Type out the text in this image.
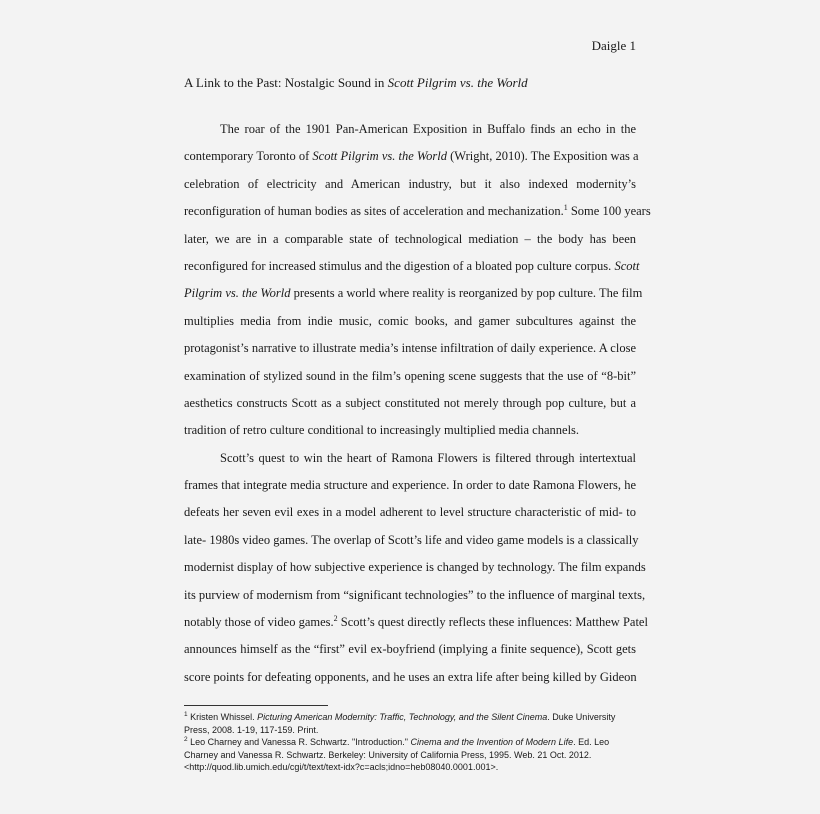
Daigle 1
A Link to the Past: Nostalgic Sound in Scott Pilgrim vs. the World
The roar of the 1901 Pan-American Exposition in Buffalo finds an echo in the
contemporary Toronto of Scott Pilgrim vs. the World (Wright, 2010). The Exposition was a
celebration of electricity and American industry, but it also indexed modernity’s
reconfiguration of human bodies as sites of acceleration and mechanization.$^1$ Some 100 years
later, we are in a comparable state of technological mediation – the body has been
reconfigured for increased stimulus and the digestion of a bloated pop culture corpus. Scott
Pilgrim vs. the World presents a world where reality is reorganized by pop culture. The film
multiplies media from indie music, comic books, and gamer subcultures against the
protagonist’s narrative to illustrate media’s intense infiltration of daily experience. A close
examination of stylized sound in the film’s opening scene suggests that the use of “8-bit”
aesthetics constructs Scott as a subject constituted not merely through pop culture, but a
tradition of retro culture conditional to increasingly multiplied media channels.
Scott’s quest to win the heart of Ramona Flowers is filtered through intertextual
frames that integrate media structure and experience. In order to date Ramona Flowers, he
defeats her seven evil exes in a model adherent to level structure characteristic of mid- to
late- 1980s video games. The overlap of Scott’s life and video game models is a classically
modernist display of how subjective experience is changed by technology. The film expands
its purview of modernism from “significant technologies” to the influence of marginal texts,
notably those of video games.$^2$ Scott’s quest directly reflects these influences: Matthew Patel
announces himself as the “first” evil ex-boyfriend (implying a finite sequence), Scott gets
score points for defeating opponents, and he uses an extra life after being killed by Gideon
$^1$ Kristen Whissel. Picturing American Modernity: Traffic, Technology, and the Silent Cinema. Duke University
Press, 2008. 1-19, 117-159. Print.
$^2$ Leo Charney and Vanessa R. Schwartz. "Introduction." Cinema and the Invention of Modern Life. Ed. Leo
Charney and Vanessa R. Schwartz. Berkeley: University of California Press, 1995. Web. 21 Oct. 2012.
<http://quod.lib.umich.edu/cgi/t/text/text-idx?c=acls;idno=heb08040.0001.001>.
